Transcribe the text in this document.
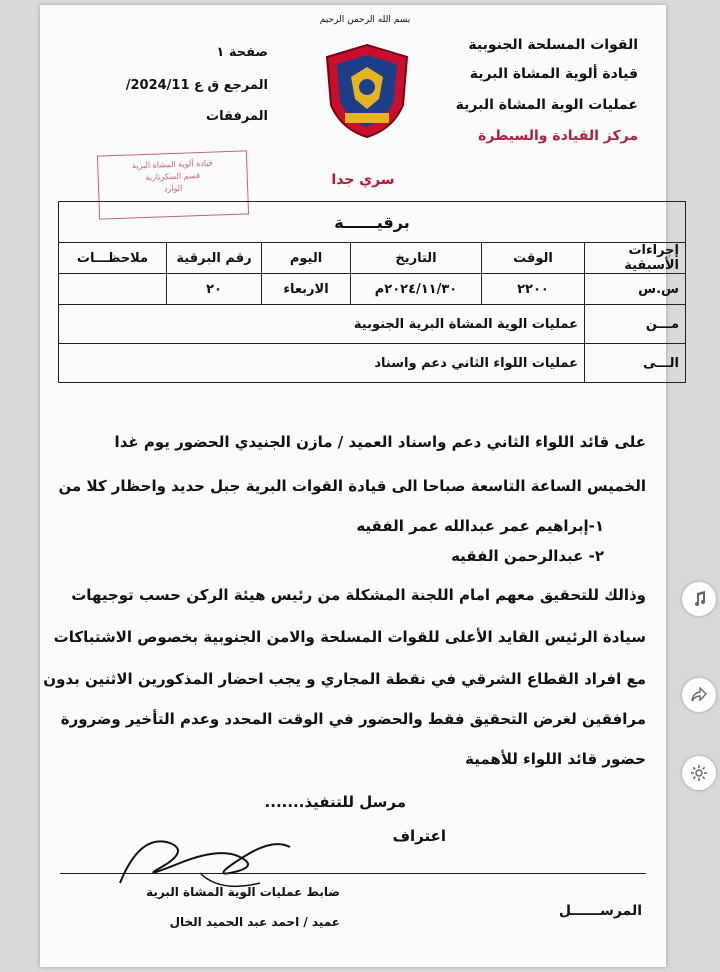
بسم الله الرحمن الرحيم
القوات المسلحة الجنوبية
قيادة ألوية المشاة البرية
عمليات الوية المشاة البرية
مركز القيادة والسيطرة
صفحة ١
المرجع ق ع 2024/11/
المرفقات
سري جدا
قيادة ألوية المشاة البرية
قسم السكرتارية
الوارد
برقيــــــة					
إجراءات الأسبقية	الوقت	التاريخ	اليوم	رقم البرقية	ملاحظـــات
س.س	٢٢٠٠	٢٠٢٤/١١/٣٠م	الاربعاء	٢٠	
مـــن	عمليات الوية المشاة البرية الجنوبية				
الـــى	عمليات اللواء الثاني دعم واسناد				
على قائد اللواء الثاني دعم واسناد العميد / مازن الجنيدي الحضور يوم غدا
الخميس الساعة التاسعة صباحا الى قيادة القوات البرية جبل حديد واحظار كلا من
١-إبراهيم عمر عبدالله عمر الفقيه
٢- عبدالرحمن الفقيه
وذالك للتحقيق معهم امام اللجنة المشكلة من رئيس هيئة الركن حسب توجيهات
سيادة الرئيس القايد الأعلى للقوات المسلحة والامن الجنوبية بخصوص الاشتباكات
مع افراد القطاع الشرقي في نقطة المجاري و يجب احضار المذكورين الاثنين بدون
مرافقين لغرض التحقيق فقط والحضور في الوقت المحدد وعدم التأخير وضرورة
حضور قائد اللواء للأهمية
مرسل للتنفيذ.......
اعتراف
المرســــــل
ضابط عمليات الوية المشاة البرية
عميد / احمد عبد الحميد الخال
